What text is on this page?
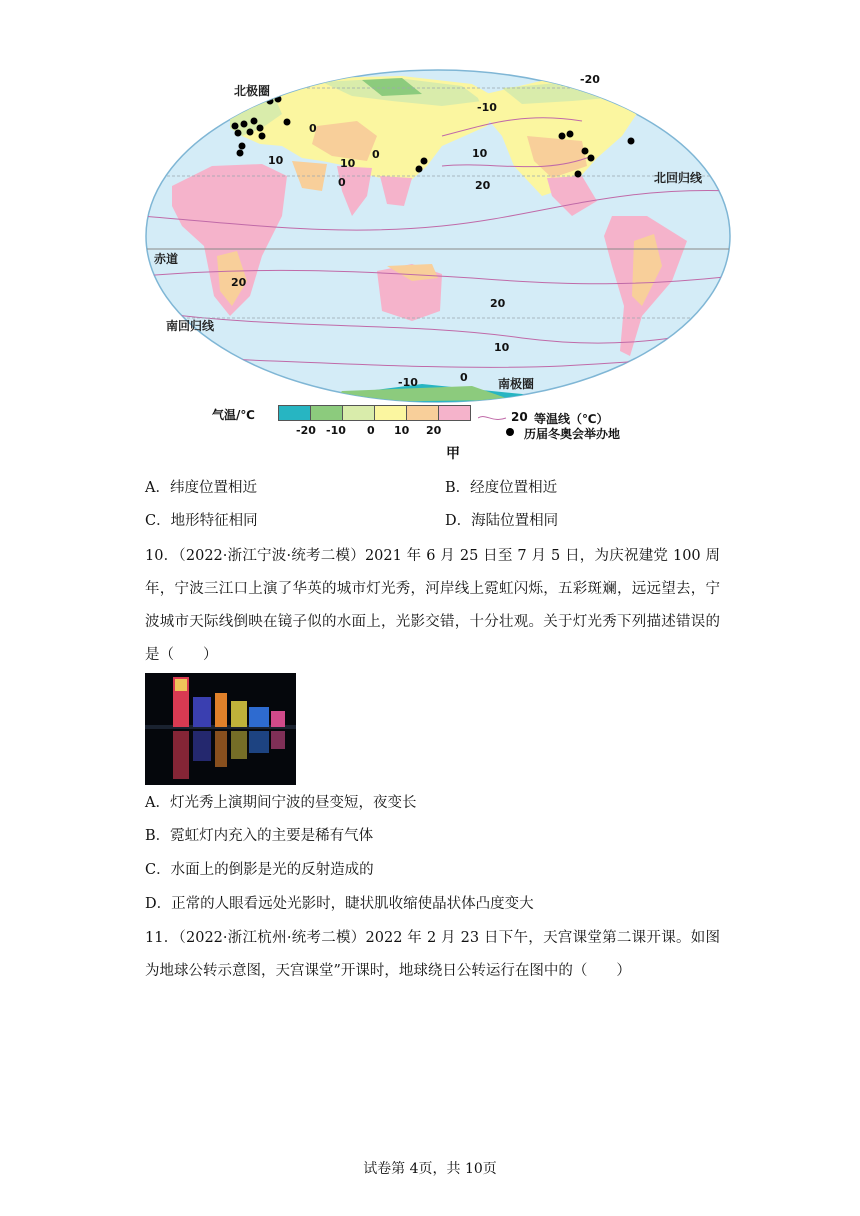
北极圈
北回归线
赤道
南回归线
南极圈
-20
-10
0
10	0
10
0
10
20
20
20
10
-10	0
气温/℃
-20 -10 0 10 20
20 等温线（℃）
历届冬奥会举办地
甲
A．纬度位置相近	B．经度位置相近
C．地形特征相同	D．海陆位置相同
10．（2022·浙江宁波·统考二模）2021 年 6 月 25 日至 7 月 5 日，为庆祝建党 100 周年，宁波三江口上演了华英的城市灯光秀，河岸线上霓虹闪烁，五彩斑斓，远远望去，宁波城市天际线倒映在镜子似的水面上，光影交错，十分壮观。关于灯光秀下列描述错误的是（　　）
A．灯光秀上演期间宁波的昼变短，夜变长
B．霓虹灯内充入的主要是稀有气体
C．水面上的倒影是光的反射造成的
D．正常的人眼看远处光影时，睫状肌收缩使晶状体凸度变大
11．（2022·浙江杭州·统考二模）2022 年 2 月 23 日下午，天宫课堂第二课开课。如图为地球公转示意图，天宫课堂”开课时，地球绕日公转运行在图中的（　　）
试卷第 4页，共 10页
